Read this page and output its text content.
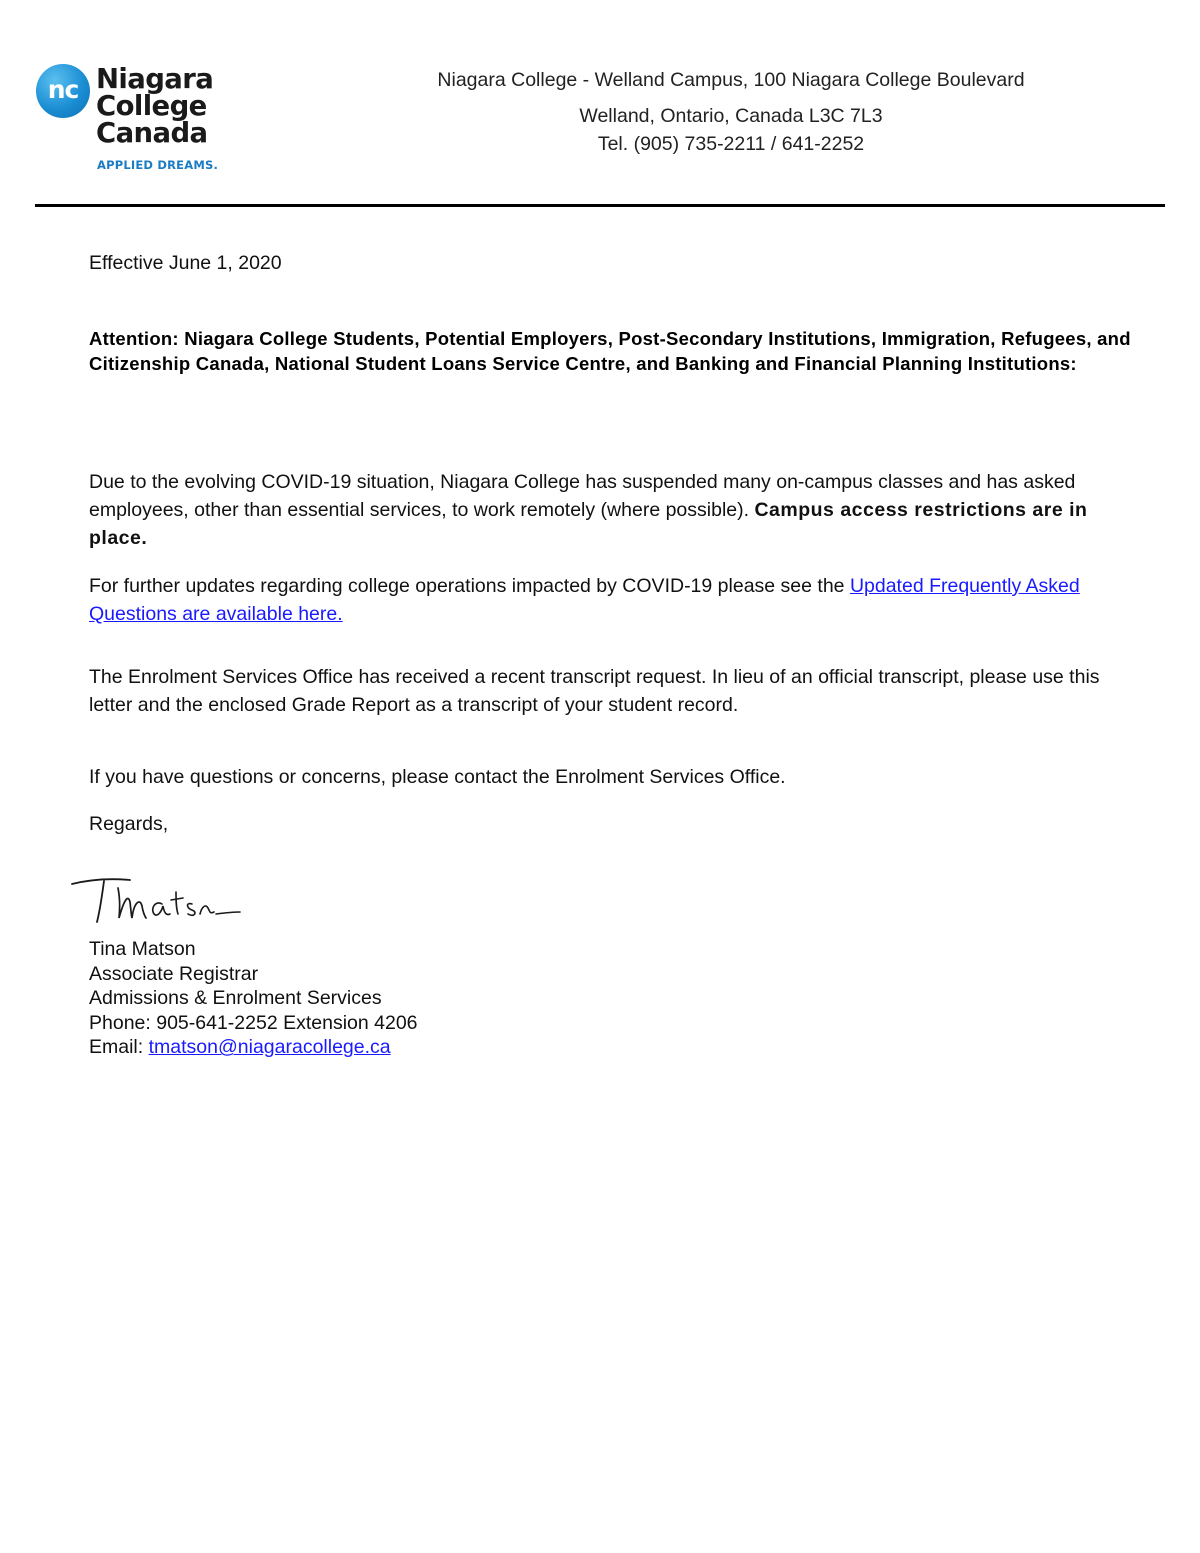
nc Niagara
College
Canada
APPLIED DREAMS.
Niagara College - Welland Campus, 100 Niagara College Boulevard
Welland, Ontario, Canada L3C 7L3
Tel. (905) 735-2211 / 641-2252
Effective June 1, 2020
Attention: Niagara College Students, Potential Employers, Post-Secondary Institutions, Immigration, Refugees, and Citizenship Canada, National Student Loans Service Centre, and Banking and Financial Planning Institutions:
Due to the evolving COVID-19 situation, Niagara College has suspended many on-campus classes and has asked employees, other than essential services, to work remotely (where possible). Campus access restrictions are in place.
For further updates regarding college operations impacted by COVID-19 please see the Updated Frequently Asked Questions are available here.
The Enrolment Services Office has received a recent transcript request. In lieu of an official transcript, please use this letter and the enclosed Grade Report as a transcript of your student record.
If you have questions or concerns, please contact the Enrolment Services Office.
Regards,
Tina Matson
Associate Registrar
Admissions & Enrolment Services
Phone: 905-641-2252 Extension 4206
Email: tmatson@niagaracollege.ca
